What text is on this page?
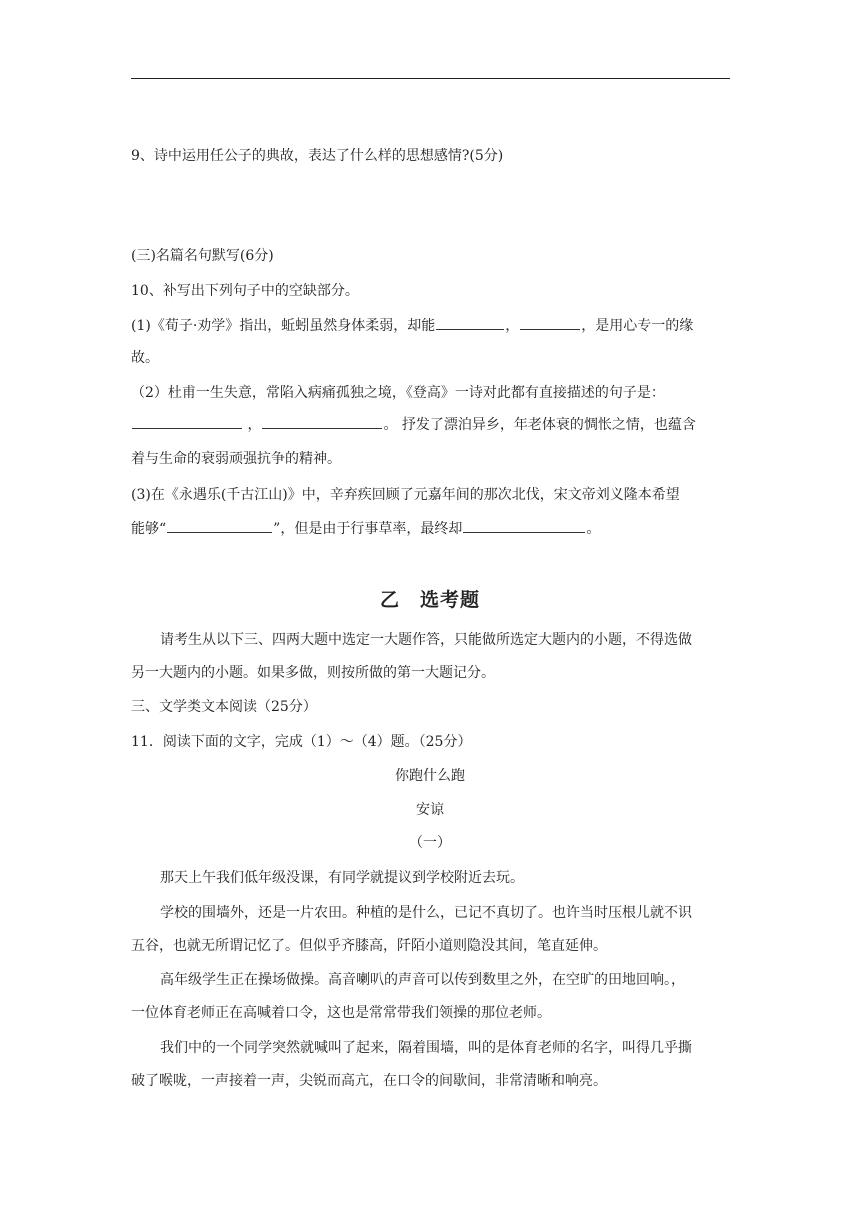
9、诗中运用任公子的典故，表达了什么样的思想感情?(5分)
(三)名篇名句默写(6分)
10、补写出下列句子中的空缺部分。
(1)《荀子·劝学》指出，蚯蚓虽然身体柔弱，却能	，	，是用心专一的缘
故。
（2）杜甫一生失意，常陷入病痛孤独之境，《登高》一诗对此都有直接描述的句子是：
，	。 抒发了漂泊异乡，年老体衰的惆怅之情，也蕴含
着与生命的衰弱顽强抗争的精神。
(3)在《永遇乐(千古江山)》中，辛弃疾回顾了元嘉年间的那次北伐，宋文帝刘义隆本希望
能够“	”，但是由于行事草率，最终却	。
乙　选考题
请考生从以下三、四两大题中选定一大题作答，只能做所选定大题内的小题，不得选做
另一大题内的小题。如果多做，则按所做的第一大题记分。
三、文学类文本阅读（25分）
11．阅读下面的文字，完成（1）～（4）题。（25分）
你跑什么跑
安谅
（一）
那天上午我们低年级没课，有同学就提议到学校附近去玩。
学校的围墙外，还是一片农田。种植的是什么，已记不真切了。也许当时压根儿就不识
五谷，也就无所谓记忆了。但似乎齐膝高，阡陌小道则隐没其间，笔直延伸。
高年级学生正在操场做操。高音喇叭的声音可以传到数里之外，在空旷的田地回响。，
一位体育老师正在高喊着口令，这也是常常带我们领操的那位老师。
我们中的一个同学突然就喊叫了起来，隔着围墙，叫的是体育老师的名字，叫得几乎撕
破了喉咙，一声接着一声，尖锐而高亢，在口令的间歇间，非常清晰和响亮。
